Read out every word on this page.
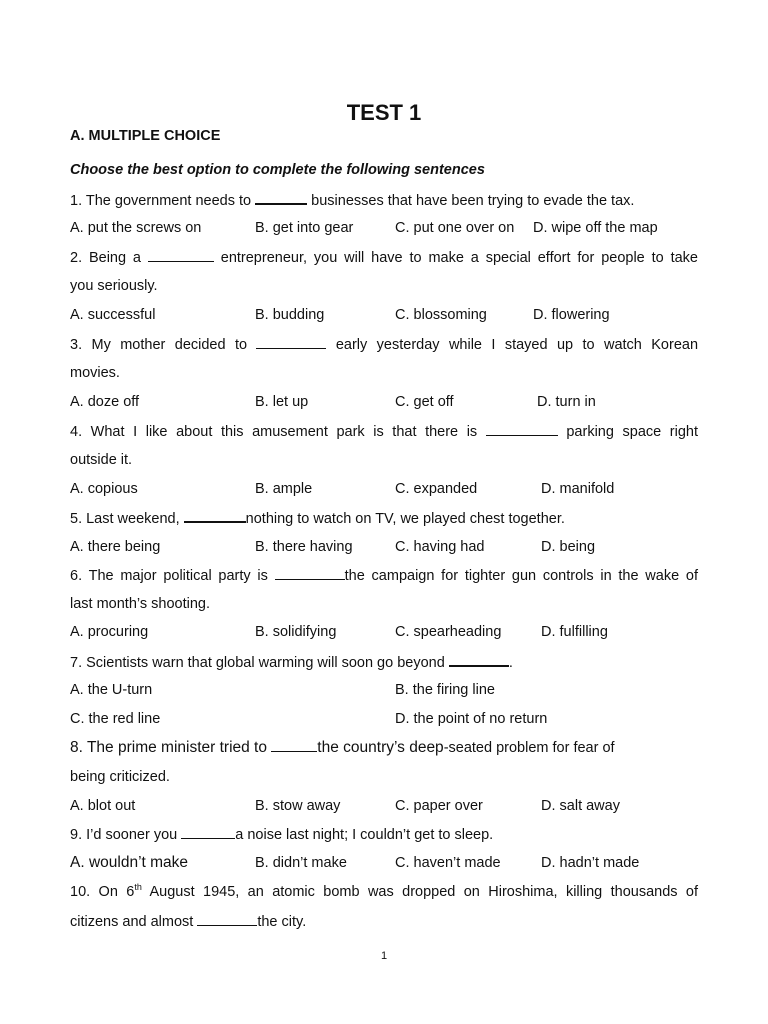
TEST 1
A. MULTIPLE CHOICE
Choose the best option to complete the following sentences
1. The government needs to	businesses that have been trying to evade the tax.
A. put the screws on	B. get into gear	C. put one over on D. wipe off the map
2. Being a	entrepreneur, you will have to make a special effort for people to take
you seriously.
A. successful	B. budding	C. blossoming	D. flowering
3. My mother decided to	early yesterday while I stayed up to watch Korean
movies.
A. doze off	B. let up	C. get off	D. turn in
4. What I like about this amusement park is that there is	parking space right
outside it.
A. copious	B. ample	C. expanded	D. manifold
5. Last weekend,	nothing to watch on TV, we played chest together.
A. there being	B. there having	C. having had	D. being
6. The major political party is	the campaign for tighter gun controls in the wake of
last month’s shooting.
A. procuring	B. solidifying	C. spearheading	D. fulfilling
7. Scientists warn that global warming will soon go beyond	.
A. the U-turn	B. the firing line
C. the red line	D. the point of no return
8. The prime minister tried to	the country’s deep-seated problem for fear of
being criticized.
A. blot out	B. stow away	C. paper over	D. salt away
9. I’d sooner you	a noise last night; I couldn’t get to sleep.
A. wouldn’t make	B. didn’t make	C. haven’t made	D. hadn’t made
10. On 6th August 1945, an atomic bomb was dropped on Hiroshima, killing thousands of
citizens and almost	the city.
1
